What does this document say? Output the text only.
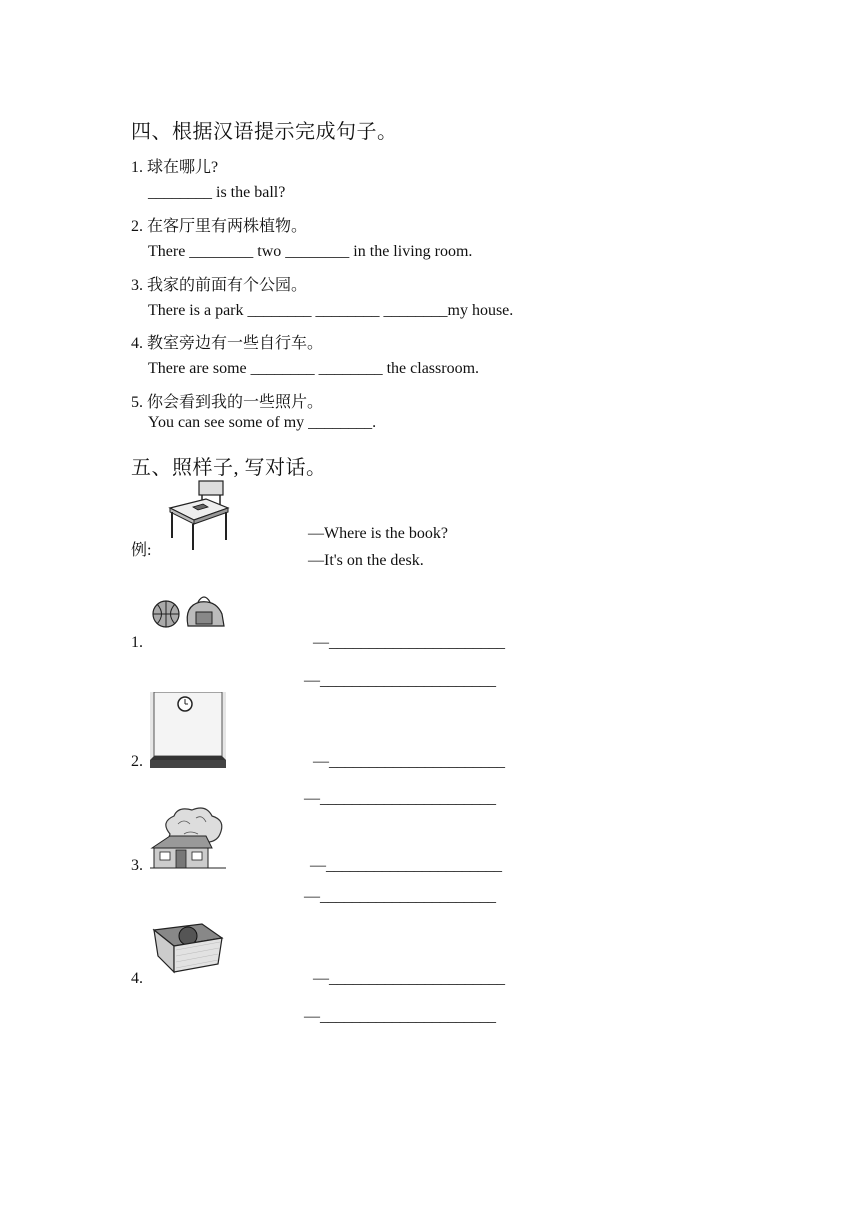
四、根据汉语提示完成句子。
1. 球在哪儿?
________ is the ball?
2. 在客厅里有两株植物。
There ________ two ________ in the living room.
3. 我家的前面有个公园。
There is a park ________ ________ ________my house.
4. 教室旁边有一些自行车。
There are some ________ ________ the classroom.
5. 你会看到我的一些照片。
You can see some of my ________.
五、照样子, 写对话。
例:
—Where is the book?
—It's on the desk.
1.	—______________________
—______________________
2.	—______________________
—______________________
3.	—______________________
—______________________
4.	—______________________
—______________________
